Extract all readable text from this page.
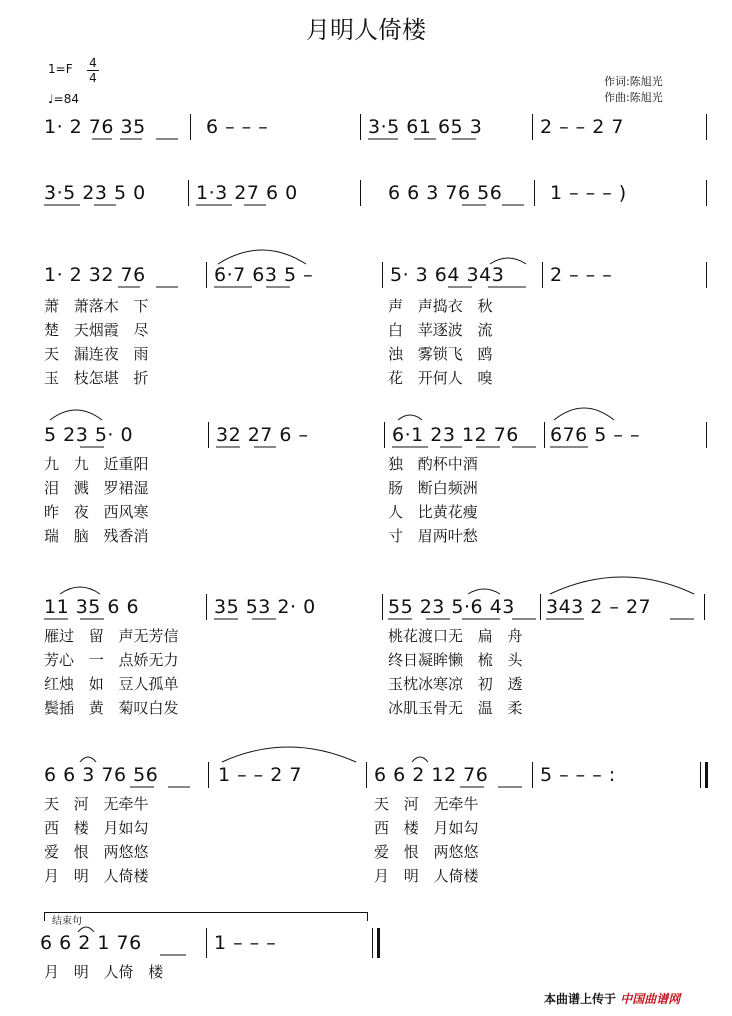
月明人倚楼
1=F	4
4
♩=84
作词:陈旭光
作曲:陈旭光
1· 2 76 35	6 – – –	3·5 61 65 3	2 – – 2 7
3·5 23 5 0	1·3 27 6 0	6 6 3 76 56	1 – – – )
1· 2 32 76	6·7 63 5 –	5· 3 64 343 2 – – –
萧 萧落木 下
楚 天烟霞 尽
天 漏连夜 雨
玉 枝怎堪 折
声 声捣衣 秋
白 苹逐波 流
浊 雾锁飞 鸥
花 开何人 嗅
5 23 5· 0	32 27 6 –	6·1 23 12 76 676 5 – –
九 九 近重阳
泪 溅 罗裙湿
昨 夜 西风寒
瑞 脑 残香消
独 酌杯中酒
肠 断白频洲
人 比黄花瘦
寸 眉两叶愁
11 35 6 6	35 53 2· 0	55 23 5·6 43 343 2 – 27
雁过 留 声无芳信
芳心 一 点娇无力
红烛 如 豆人孤单
鬓插 黄 菊叹白发
桃花渡口无 扁 舟
终日凝眸懒 梳 头
玉枕冰寒凉 初 透
冰肌玉骨无 温 柔
6 6 3 76 56	1 – – 2 7	6 6 2 12 76	5 – – – :
天 河 无牵牛
西 楼 月如勾
爱 恨 两悠悠
月 明 人倚楼
天 河 无牵牛
西 楼 月如勾
爱 恨 两悠悠
月 明 人倚楼
结束句
6 6 2 1 76	1 – – –
月 明 人倚 楼
本曲谱上传于 中国曲谱网
